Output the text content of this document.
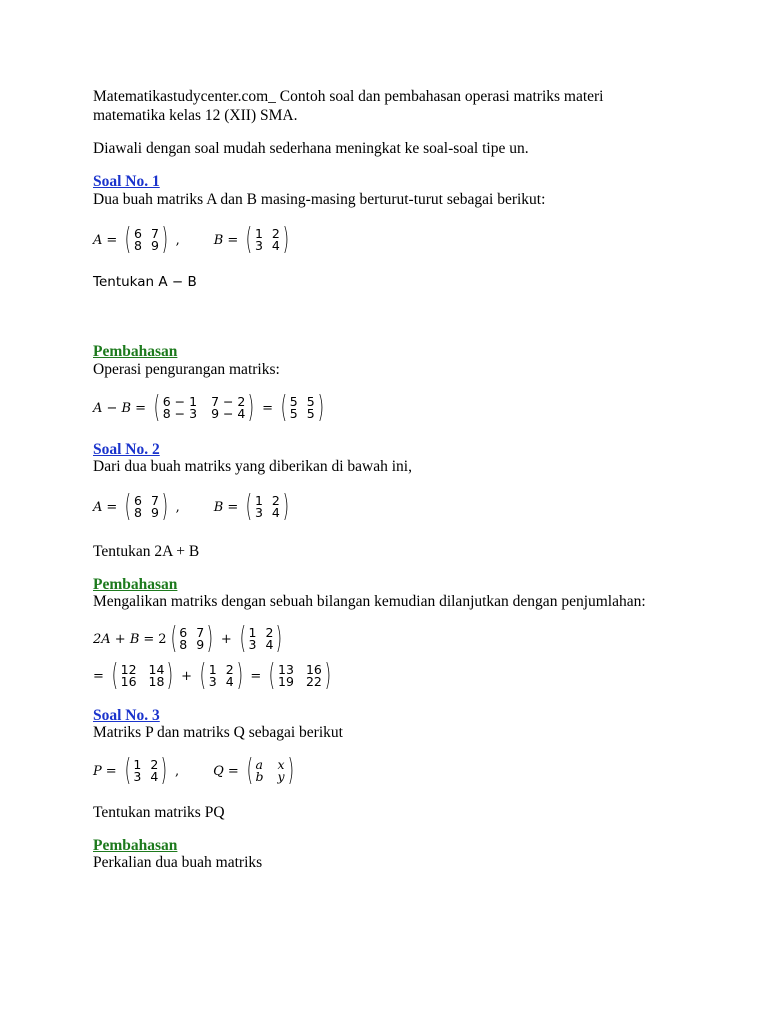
Matematikastudycenter.com_ Contoh soal dan pembahasan operasi matriks materi
matematika kelas 12 (XII) SMA.
Diawali dengan soal mudah sederhana meningkat ke soal-soal tipe un.
Soal No. 1
Dua buah matriks A dan B masing-masing berturut-turut sebagai berikut:
A = ( 6 7
8 9 ) ,	B = ( 1 2
3 4 )
Tentukan A − B
Pembahasan
Operasi pengurangan matriks:
A − B = ( 6 − 1 7 − 2
8 − 3 9 − 4 ) = ( 5 5
5 5 )
Soal No. 2
Dari dua buah matriks yang diberikan di bawah ini,
A = ( 6 7
8 9 ) ,	B = ( 1 2
3 4 )
Tentukan 2A + B
Pembahasan
Mengalikan matriks dengan sebuah bilangan kemudian dilanjutkan dengan penjumlahan:
2A + B = 2 ( 6 7
8 9 ) + ( 1 2
3 4 )
= ( 12 14
16 18 ) + ( 1 2
3 4 ) = ( 13 16
19 22 )
Soal No. 3
Matriks P dan matriks Q sebagai berikut
P = ( 1 2
3 4 ) ,	Q = ( a x
b y )
Tentukan matriks PQ
Pembahasan
Perkalian dua buah matriks
